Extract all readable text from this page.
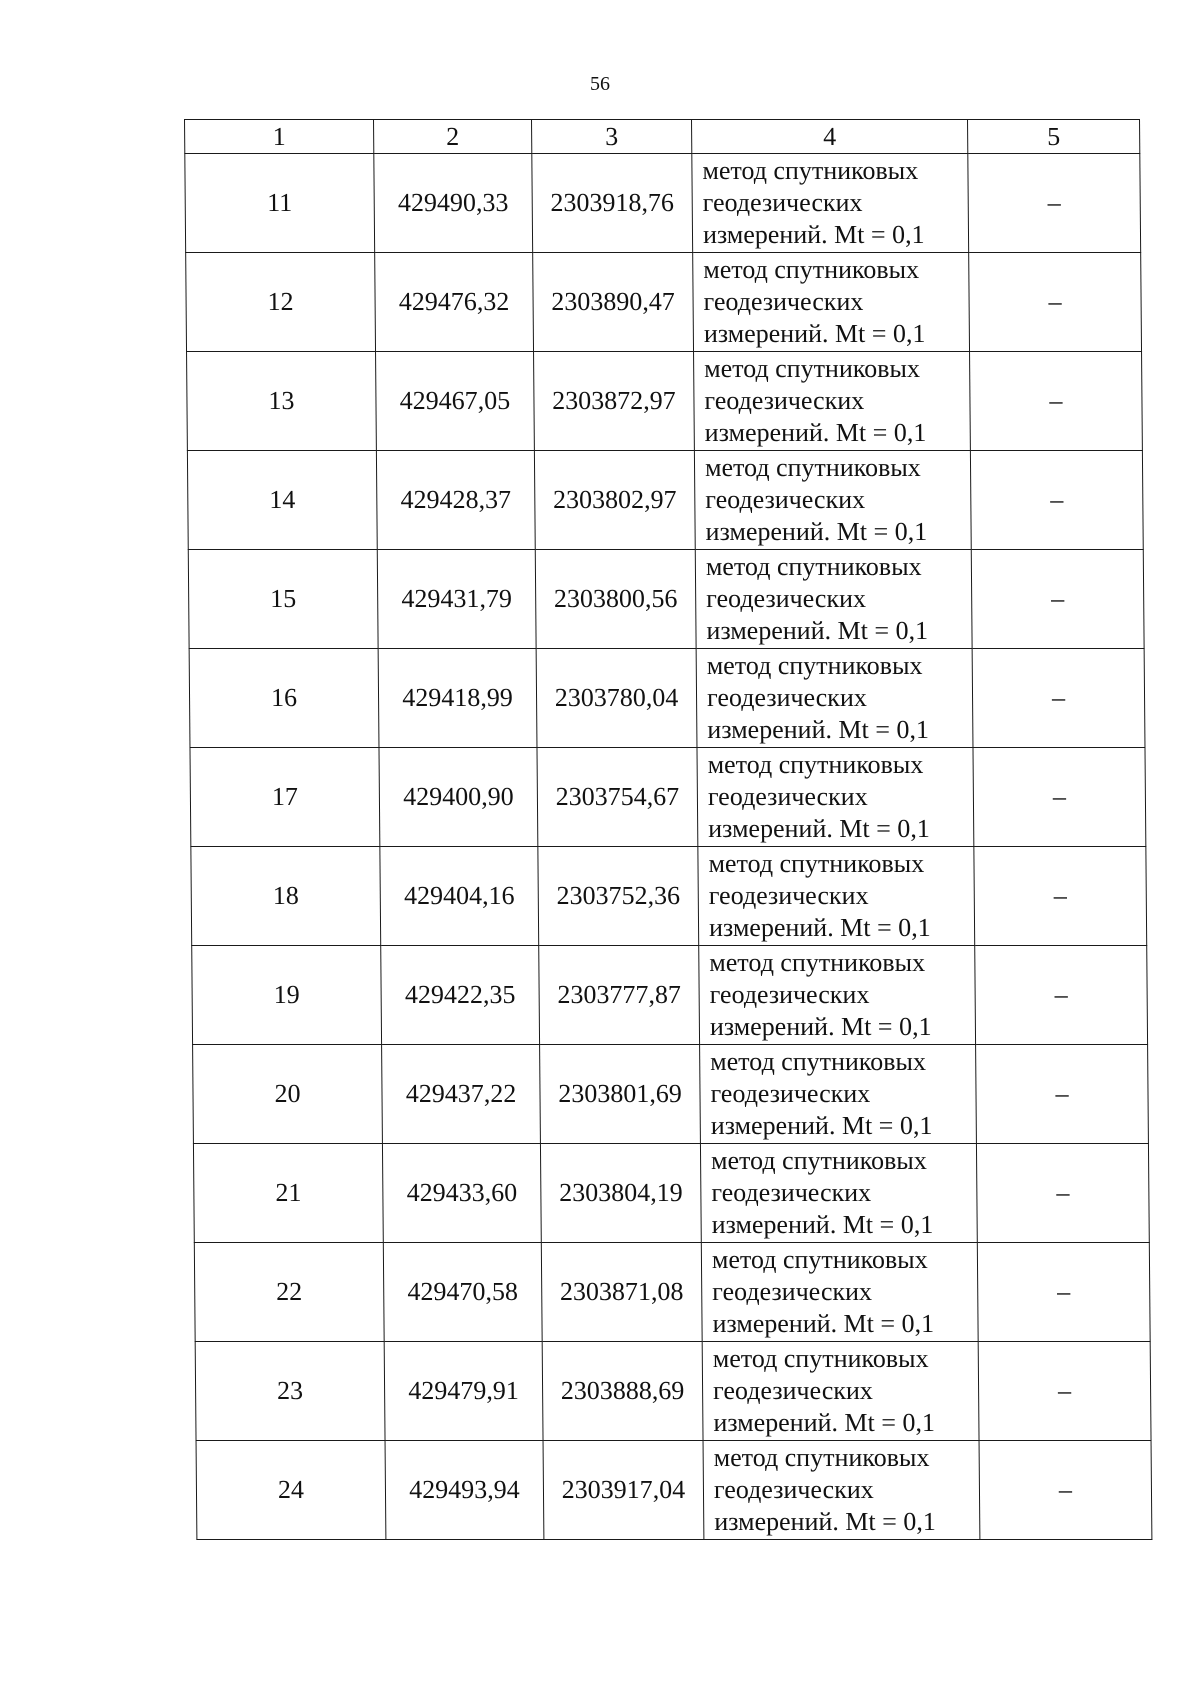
56
1	2	3	4	5
11	429490,33	2303918,76	метод спутниковых
геодезических
измерений. Mt = 0,1	–
12	429476,32	2303890,47	метод спутниковых
геодезических
измерений. Mt = 0,1	–
13	429467,05	2303872,97	метод спутниковых
геодезических
измерений. Mt = 0,1	–
14	429428,37	2303802,97	метод спутниковых
геодезических
измерений. Mt = 0,1	–
15	429431,79	2303800,56	метод спутниковых
геодезических
измерений. Mt = 0,1	–
16	429418,99	2303780,04	метод спутниковых
геодезических
измерений. Mt = 0,1	–
17	429400,90	2303754,67	метод спутниковых
геодезических
измерений. Mt = 0,1	–
18	429404,16	2303752,36	метод спутниковых
геодезических
измерений. Mt = 0,1	–
19	429422,35	2303777,87	метод спутниковых
геодезических
измерений. Mt = 0,1	–
20	429437,22	2303801,69	метод спутниковых
геодезических
измерений. Mt = 0,1	–
21	429433,60	2303804,19	метод спутниковых
геодезических
измерений. Mt = 0,1	–
22	429470,58	2303871,08	метод спутниковых
геодезических
измерений. Mt = 0,1	–
23	429479,91	2303888,69	метод спутниковых
геодезических
измерений. Mt = 0,1	–
24	429493,94	2303917,04	метод спутниковых
геодезических
измерений. Mt = 0,1	–
